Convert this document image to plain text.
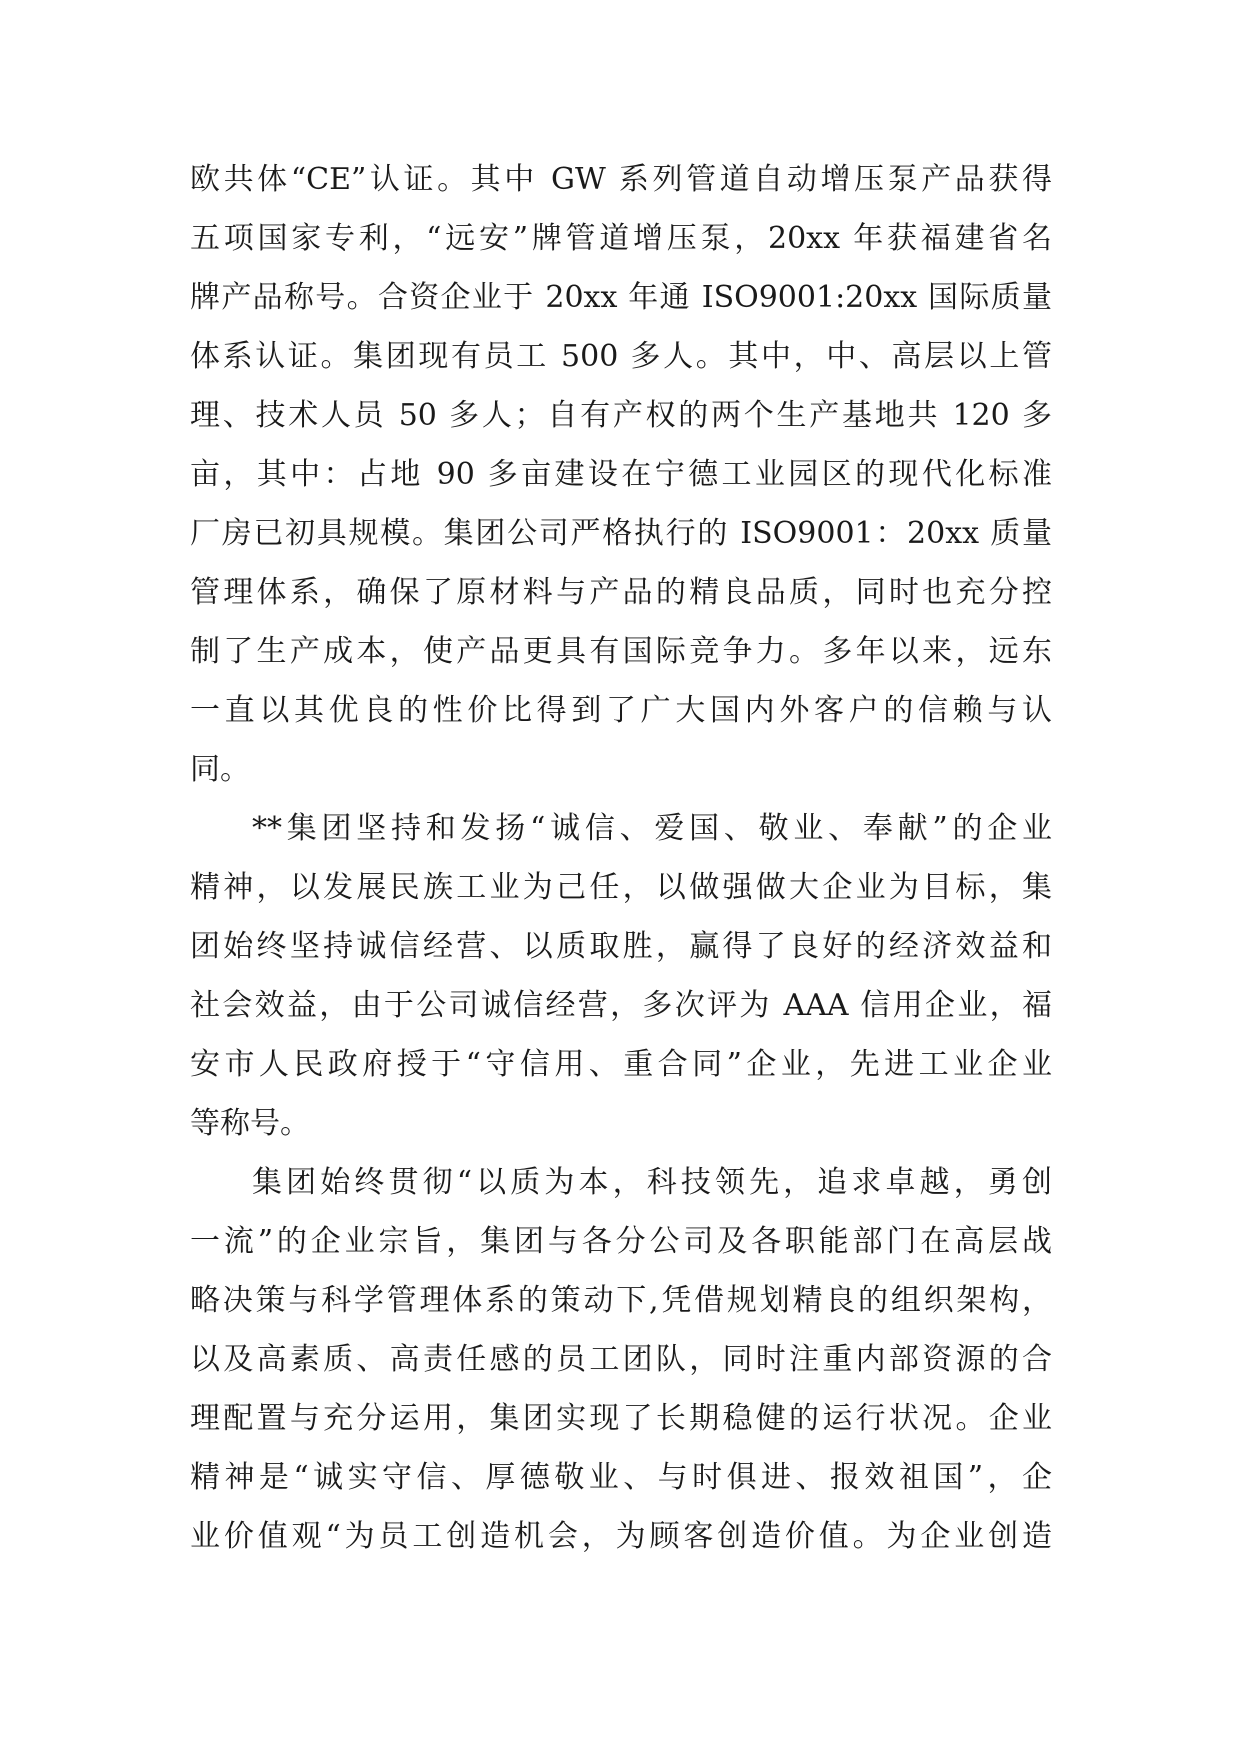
欧共体“CE”认证。其中 GW 系列管道自动增压泵产品获得
五项国家专利，“远安”牌管道增压泵，20xx 年获福建省名
牌产品称号。合资企业于 20xx 年通 ISO9001:20xx 国际质量
体系认证。集团现有员工 500 多人。其中，中、高层以上管
理、技术人员 50 多人；自有产权的两个生产基地共 120 多
亩，其中：占地 90 多亩建设在宁德工业园区的现代化标准
厂房已初具规模。集团公司严格执行的 ISO9001：20xx 质量
管理体系，确保了原材料与产品的精良品质，同时也充分控
制了生产成本，使产品更具有国际竞争力。多年以来，远东
一直以其优良的性价比得到了广大国内外客户的信赖与认
同。
**集团坚持和发扬“诚信、爱国、敬业、奉献”的企业
精神，以发展民族工业为己任，以做强做大企业为目标，集
团始终坚持诚信经营、以质取胜，赢得了良好的经济效益和
社会效益，由于公司诚信经营，多次评为 AAA 信用企业，福
安市人民政府授于“守信用、重合同”企业，先进工业企业
等称号。
集团始终贯彻“以质为本，科技领先，追求卓越，勇创
一流”的企业宗旨，集团与各分公司及各职能部门在高层战
略决策与科学管理体系的策动下,凭借规划精良的组织架构，
以及高素质、高责任感的员工团队，同时注重内部资源的合
理配置与充分运用，集团实现了长期稳健的运行状况。企业
精神是“诚实守信、厚德敬业、与时俱进、报效祖国”，企
业价值观“为员工创造机会，为顾客创造价值。为企业创造
